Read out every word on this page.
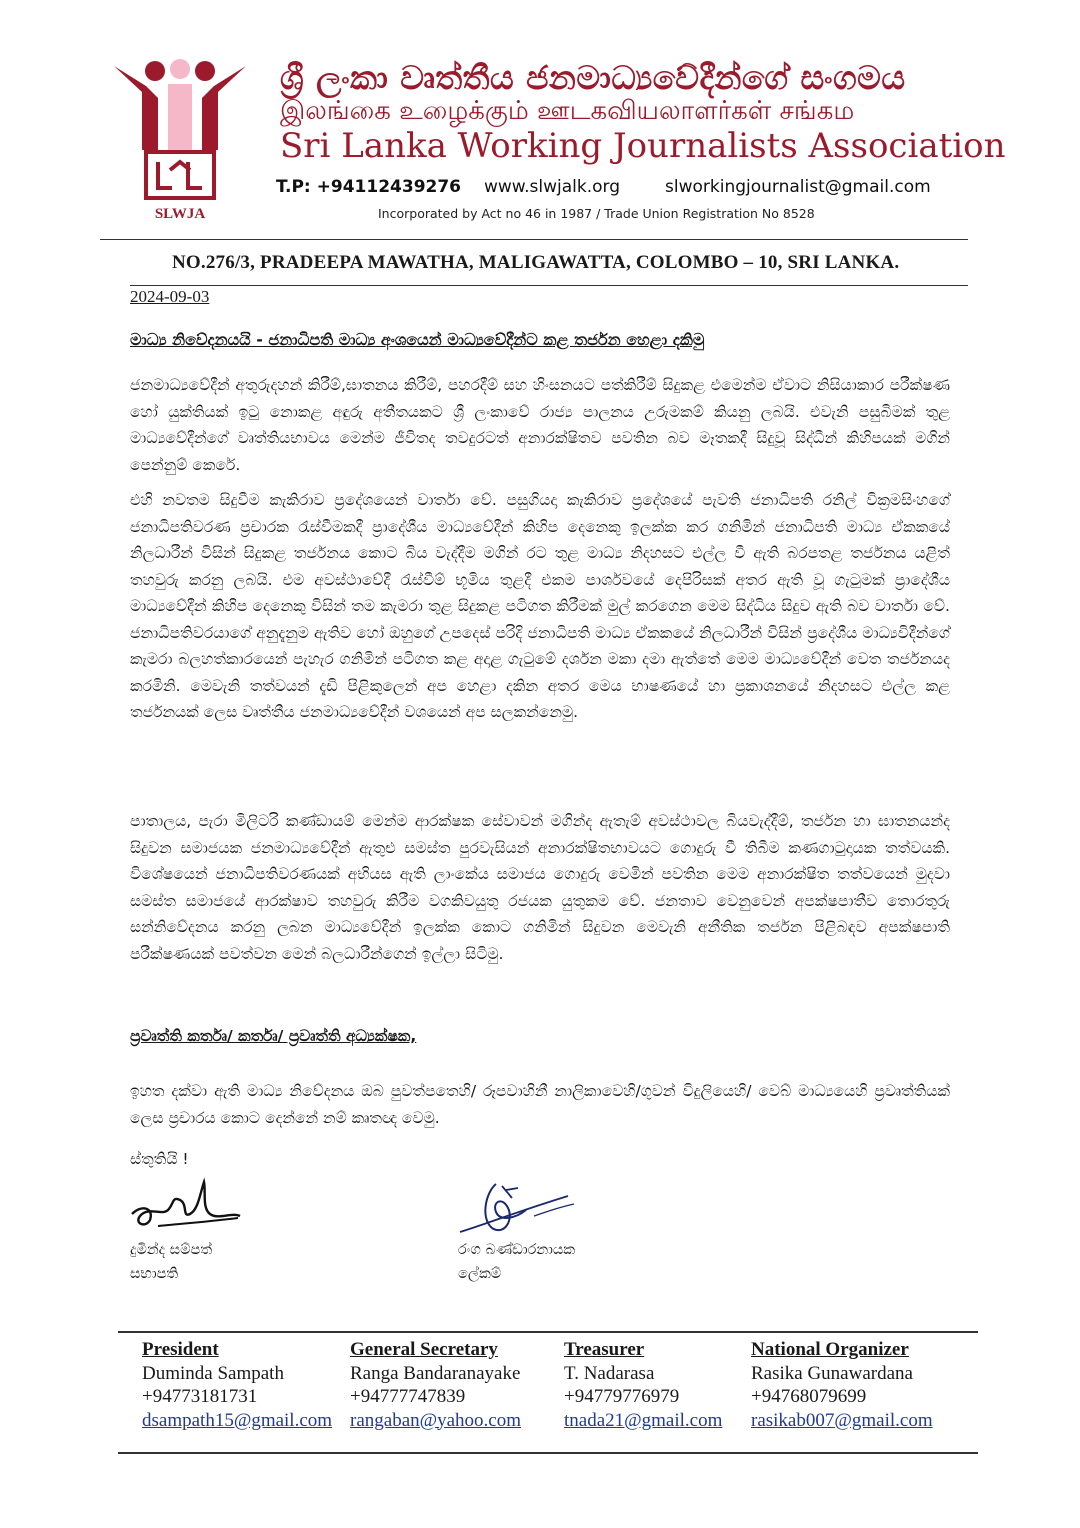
SLWJA
ශ්‍රී ලංකා වෘත්තීය ජනමාධ්‍යවේදීන්ගේ සංගමය
இலங்கை உழைக்கும் ஊடகவியலாளர்கள் சங்கம
Sri Lanka Working Journalists Association
T.P: +94112439276 www.slwjalk.org	slworkingjournalist@gmail.com
Incorporated by Act no 46 in 1987 / Trade Union Registration No 8528
NO.276/3, PRADEEPA MAWATHA, MALIGAWATTA, COLOMBO – 10, SRI LANKA.
2024-09-03
මාධ්‍ය නිවේදනයයි - ජනාධිපති මාධ්‍ය අංශයෙන් මාධ්‍යවේදීන්ට කළ තර්ජන හෙළා දකිමු
ජනමාධ්‍යවේදීන් අතුරුදහන් කිරීම්,ඝාතනය කිරීම්, පහරදීම් සහ හිංසනයට පත්කිරීම් සිදුකළ එමෙන්ම ඒවාට නිසියාකාර පරීක්ෂණ හෝ යුක්තියක් ඉටු නොකළ අඳුරු අතීතයකට ශ්‍රී ලංකාවේ රාජ්‍ය පාලනය උරුමකම් කියනු ලබයි. එවැනි පසුබිමක් තුළ මාධ්‍යවේදීන්ගේ වෘත්තියභාවය මෙන්ම ජීවිතද තවදුරටත් අනාරක්ෂිතව පවතින බව මෑතකදී සිදුවූ සිද්ධීන් කිහිපයක් මගින් පෙන්නුම් කෙරේ.
එහි නවතම සිදුවීම කැකිරාව ප්‍රදේශයෙන් වාර්තා වේ. පසුගියදා කැකිරාව ප්‍රදේශයේ පැවති ජනාධිපති රනිල් වික්‍රමසිංහගේ ජනාධිපතිවරණ ප්‍රචාරක රැස්වීමකදී ප්‍රාදේශීය මාධ්‍යවේදීන් කිහිප දෙනෙකු ඉලක්ක කර ගනිමින් ජනාධිපති මාධ්‍ය ඒකකයේ නිලධාරීන් විසින් සිදුකළ තර්ජනය කොට බිය වැද්දීම මගින් රට තුළ මාධ්‍ය නිදහසට එල්ල වී ඇති බරපතළ තර්ජනය යළිත් තහවුරු කරනු ලබයි. එම අවස්ථාවේදී රැස්වීම් භූමිය තුළදී එකම පාර්ශවයේ දෙපිරිසක් අතර ඇති වූ ගැටුමක් ප්‍රාදේශීය මාධ්‍යවේදීන් කිහිප දෙනෙකු විසින් තම කැමරා තුළ සිදුකළ පටිගත කිරීමක් මුල් කරගෙන මෙම සිද්ධිය සිදුව ඇති බව වාර්තා වේ. ජනාධිපතිවරයාගේ අනුදැනුම ඇතිව හෝ ඔහුගේ උපදෙස් පරිදි ජනාධිපති මාධ්‍ය ඒකකයේ නිලධාරීන් විසින් ප්‍රදේශීය මාධ්‍යවිදීන්ගේ කැමරා බලහත්කාරයෙන් පැහැර ගනිමින් පටිගත කළ අදාළ ගැටුමේ දර්ශන මකා දමා ඇත්තේ මෙම මාධ්‍යවේදීන් වෙත තර්ජනයද කරමිනි. මෙවැනි තත්වයන් දැඩි පිළිකුලෙන් අප හෙළා දකින අතර මෙය භාෂණයේ හා ප්‍රකාශනයේ නිදහසට එල්ල කළ තර්ජනයක් ලෙස වෘත්තීය ජනමාධ්‍යවේදීන් වශයෙන් අප සලකන්නෙමු.
පාතාලය, පැරා මිලිටරි කණ්ඩායම් මෙන්ම ආරක්ෂක සේවාවන් මගින්ද ඇතැම් අවස්ථාවල බියවැද්දීම්, තර්ජන හා ඝාතනයන්ද සිදුවන සමාජයක ජනමාධ්‍යවේදීන් ඇතුළු සමස්ත පුරවැසියන් අනාරක්ෂිතභාවයට ගොදුරු වී තිබීම කණගාටුදායක තත්වයකි. විශේෂයෙන් ජනාධිපතිවරණයක් අභියස ඇති ලාංකේය සමාජය ගොදුරු වෙමින් පවතින මෙම අනාරක්ෂිත තත්වයෙන් මුදවා සමස්ත සමාජයේ ආරක්ෂාව තහවුරු කිරීම වගකිවයුතු රජයක යුතුකම වේ. ජනතාව වෙනුවෙන් අපක්ෂපාතීව තොරතුරු සන්නිවේදනය කරනු ලබන මාධ්‍යවේදීන් ඉලක්ක කොට ගනිමින් සිදුවන මෙවැනි අනීතික තර්ජන පිළිබඳව අපක්ෂපාති පරීක්ෂණයක් පවත්වන මෙන් බලධාරීන්ගෙන් ඉල්ලා සිටිමු.
ප්‍රවෘත්ති කර්තෘ/ කර්තෘ/ ප්‍රවෘත්ති අධ්‍යක්ෂක,
ඉහත දක්වා ඇති මාධ්‍ය නිවේදනය ඔබ පුවත්පතෙහි/ රූපවාහිනී නාලිකාවෙහි/ගුවන් විදුලියෙහි/ වෙබ් මාධ්‍යයෙහි ප්‍රවෘත්තියක් ලෙස ප්‍රචාරය කොට දෙන්නේ නම් කෘතඥ වෙමු.
ස්තුතියි !
දුමින්ද සම්පත්
සභාපති
රංග බණ්ඩාරනායක
ලේකම්
President
Duminda Sampath
+94773181731
dsampath15@gmail.com
General Secretary
Ranga Bandaranayake
+94777747839
rangaban@yahoo.com
Treasurer
T. Nadarasa
+94779776979
tnada21@gmail.com
National Organizer
Rasika Gunawardana
+94768079699
rasikab007@gmail.com
